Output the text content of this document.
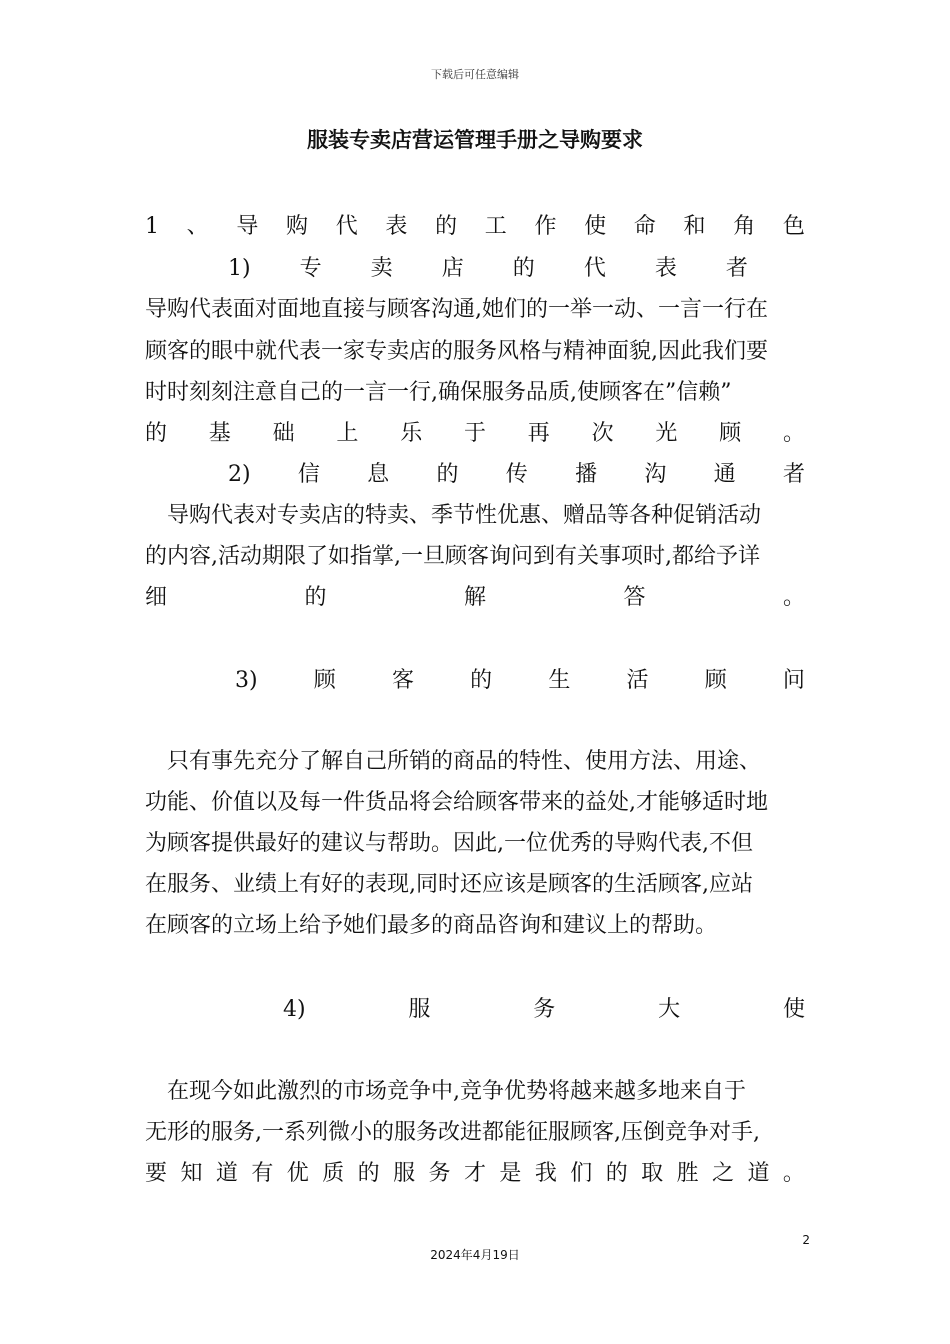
下载后可任意编辑
服装专卖店营运管理手册之导购要求
1 、 导 购 代 表 的 工 作 使 命 和 角 色
1) 专 卖 店 的 代 表 者
导购代表面对面地直接与顾客沟通,她们的一举一动、一言一行在
顾客的眼中就代表一家专卖店的服务风格与精神面貌,因此我们要
时时刻刻注意自己的一言一行,确保服务品质,使顾客在”信赖”
的 基 础 上 乐 于 再 次 光 顾 。
2) 信 息 的 传 播 沟 通 者
　导购代表对专卖店的特卖、季节性优惠、赠品等各种促销活动
的内容,活动期限了如指掌,一旦顾客询问到有关事项时,都给予详
细	的	解	答	。
3)	顾	客	的	生	活	顾	问
　只有事先充分了解自己所销的商品的特性、使用方法、用途、
功能、价值以及每一件货品将会给顾客带来的益处,才能够适时地
为顾客提供最好的建议与帮助。因此,一位优秀的导购代表,不但
在服务、业绩上有好的表现,同时还应该是顾客的生活顾客,应站
在顾客的立场上给予她们最多的商品咨询和建议上的帮助。
4)	服	务	大	使
　在现今如此激烈的市场竞争中,竞争优势将越来越多地来自于
无形的服务,一系列微小的服务改进都能征服顾客,压倒竞争对手,
要 知 道 有 优 质 的 服 务 才 是 我 们 的 取 胜 之 道 。
2
2024年4月19日
